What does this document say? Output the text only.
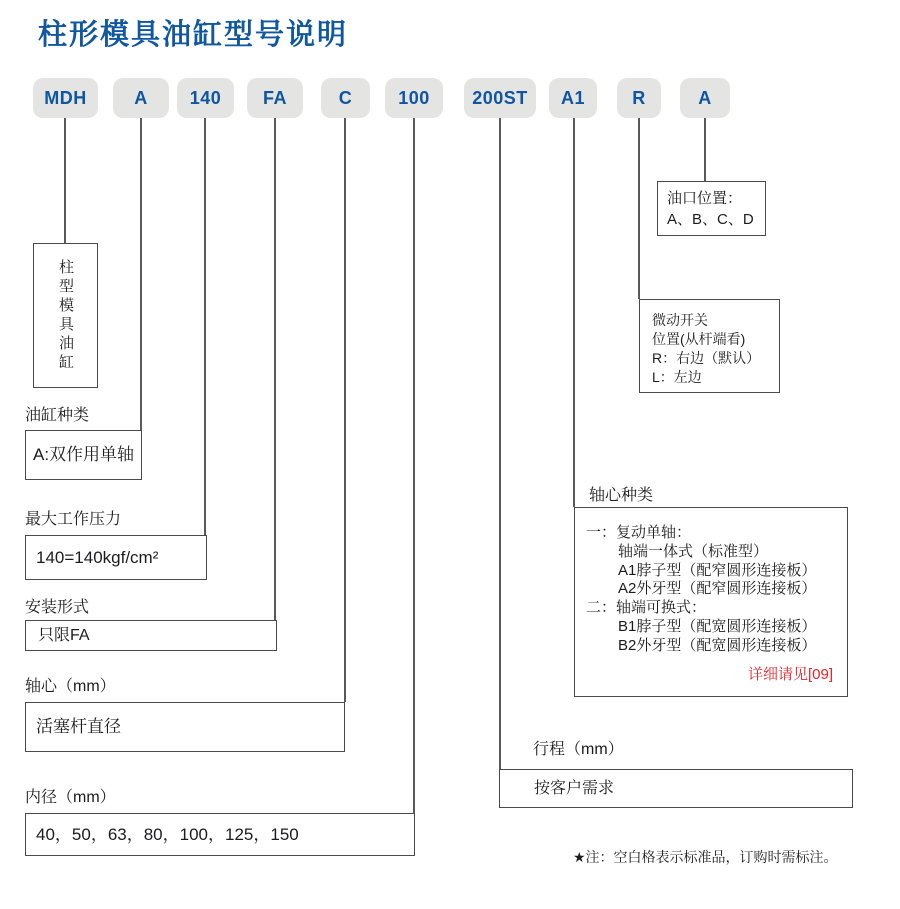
柱形模具油缸型号说明
MDH	A	140	FA	C	100	200ST	A1	R	A
柱型模具油缸
油缸种类
A:双作用单轴
最大工作压力
140=140kgf/cm²
安装形式
只限FA
轴心（mm）
活塞杆直径
内径（mm）
40，50，63，80，100，125，150
行程（mm）
按客户需求
油口位置：
A、B、C、D
微动开关
位置(从杆端看)
R：右边（默认）
L：左边
轴心种类
一：复动单轴：
轴端一体式（标准型）
A1脖子型（配窄圆形连接板）
A2外牙型（配窄圆形连接板）
二：轴端可换式：
B1脖子型（配宽圆形连接板）
B2外牙型（配宽圆形连接板）
详细请见[09]
★注：空白格表示标准品，订购时需标注。
